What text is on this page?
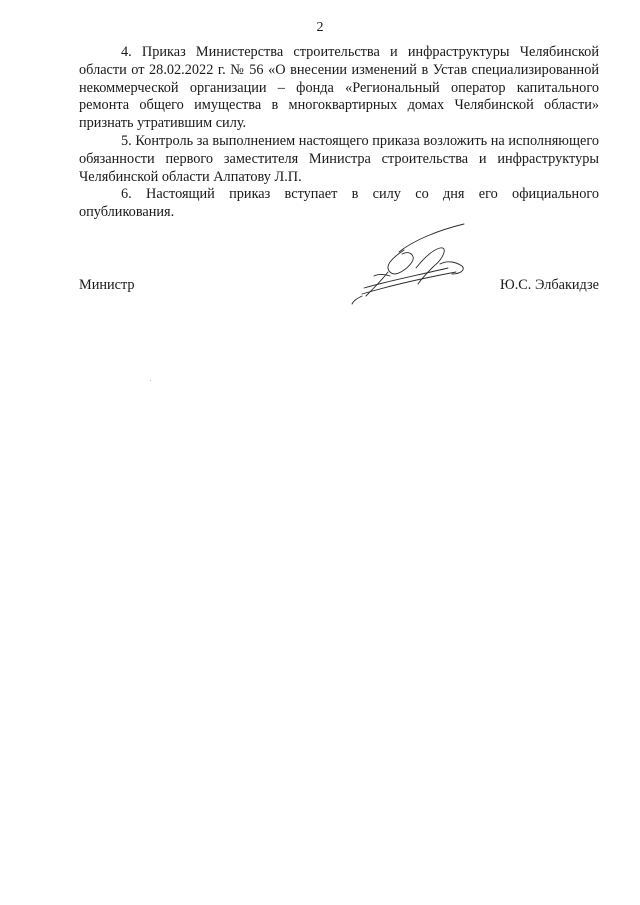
2

4. Приказ Министерства строительства и инфраструктуры Челябинской области от 28.02.2022 г. № 56 «О внесении изменений в Устав специализированной некоммерческой организации – фонда «Региональный оператор капитального ремонта общего имущества в многоквартирных домах Челябинской области» признать утратившим силу.

5. Контроль за выполнением настоящего приказа возложить на исполняющего обязанности первого заместителя Министра строительства и инфраструктуры Челябинской области Алпатову Л.П.

6. Настоящий приказ вступает в силу со дня его официального опубликования.

Министр	Ю.С. Элбакидзе
